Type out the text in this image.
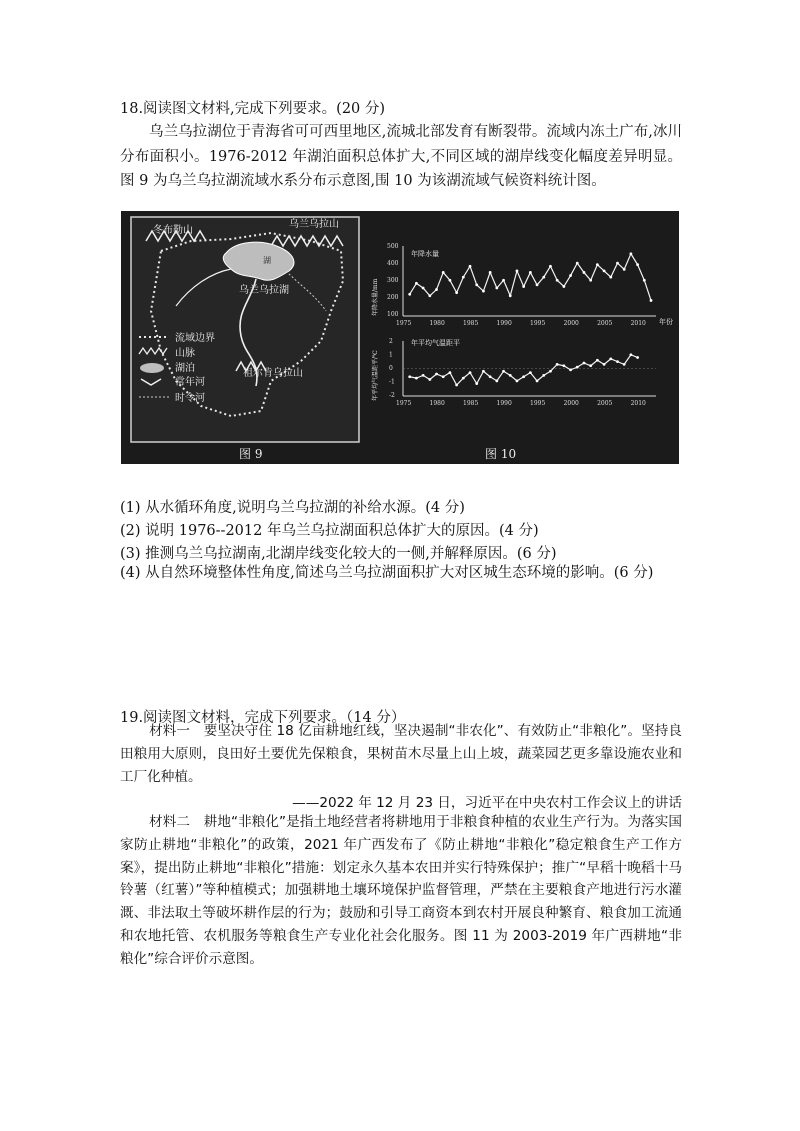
18.阅读图文材料,完成下列要求。(20 分)
乌兰乌拉湖位于青海省可可西里地区,流城北部发育有断裂带。流域内冻土广布,冰川分布面积小。1976-2012 年湖泊面积总体扩大,不同区域的湖岸线变化幅度差异明显。图 9 为乌兰乌拉湖流域水系分布示意图,围 10 为该湖流域气候资料统计图。
冬布勒山
乌兰乌拉山
湖
乌兰乌拉湖
祖尔肯乌拉山
流域边界
山脉
湖泊
常年河
时令河
图 9
年降水量
年平均气温距平
年份
年降水量/mm
年平均气温距平/℃
1975
1975
1980
1980
1985
1985
1990
1990
1995
1995
2000
2000
2005
2005
2010
2010
500
400
300
200
100
2
1
0
-1
-2
图 10
(1) 从水循环角度,说明乌兰乌拉湖的补给水源。(4 分)
(2) 说明 1976--2012 年乌兰乌拉湖面积总体扩大的原因。(4 分)
(3) 推测乌兰乌拉湖南,北湖岸线变化较大的一侧,并解释原因。(6 分)
(4) 从自然环境整体性角度,简述乌兰乌拉湖面积扩大对区城生态环境的影响。(6 分)
19.阅读图文材料，完成下列要求。（14 分）
材料一　要坚决守住 18 亿亩耕地红线，坚决遏制“非农化”、有效防止“非粮化”。坚持良田粮用大原则，良田好土要优先保粮食，果树苗木尽量上山上坡，蔬菜园艺更多靠设施农业和工厂化种植。
——2022 年 12 月 23 日，习近平在中央农村工作会议上的讲话
材料二　耕地“非粮化”是指土地经营者将耕地用于非粮食种植的农业生产行为。为落实国家防止耕地“非粮化”的政策，2021 年广西发布了《防止耕地“非粮化”稳定粮食生产工作方案》，提出防止耕地“非粮化”措施：划定永久基本农田并实行特殊保护；推广“早稻十晚稻十马铃薯（红薯）”等种植模式；加强耕地土壤环境保护监督管理，严禁在主要粮食产地进行污水灌溉、非法取土等破坏耕作层的行为；鼓励和引导工商资本到农村开展良种繁育、粮食加工流通和农地托管、农机服务等粮食生产专业化社会化服务。图 11 为 2003-2019 年广西耕地“非粮化”综合评价示意图。
